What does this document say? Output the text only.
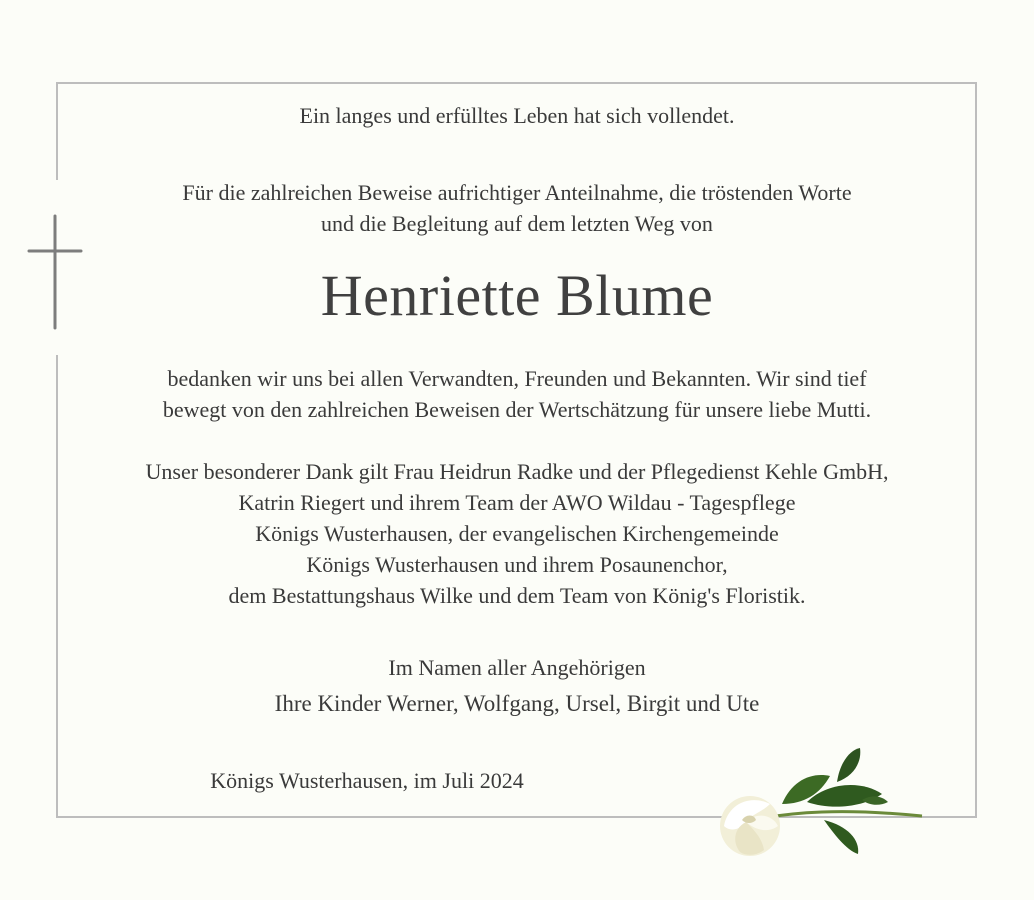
Ein langes und erfülltes Leben hat sich vollendet.
Für die zahlreichen Beweise aufrichtiger Anteilnahme, die tröstenden Worte
und die Begleitung auf dem letzten Weg von
Henriette Blume
bedanken wir uns bei allen Verwandten, Freunden und Bekannten. Wir sind tief
bewegt von den zahlreichen Beweisen der Wertschätzung für unsere liebe Mutti.
Unser besonderer Dank gilt Frau Heidrun Radke und der Pflegedienst Kehle GmbH,
Katrin Riegert und ihrem Team der AWO Wildau - Tagespflege
Königs Wusterhausen, der evangelischen Kirchengemeinde
Königs Wusterhausen und ihrem Posaunenchor,
dem Bestattungshaus Wilke und dem Team von König's Floristik.
Im Namen aller Angehörigen
Ihre Kinder Werner, Wolfgang, Ursel, Birgit und Ute
Königs Wusterhausen, im Juli 2024
